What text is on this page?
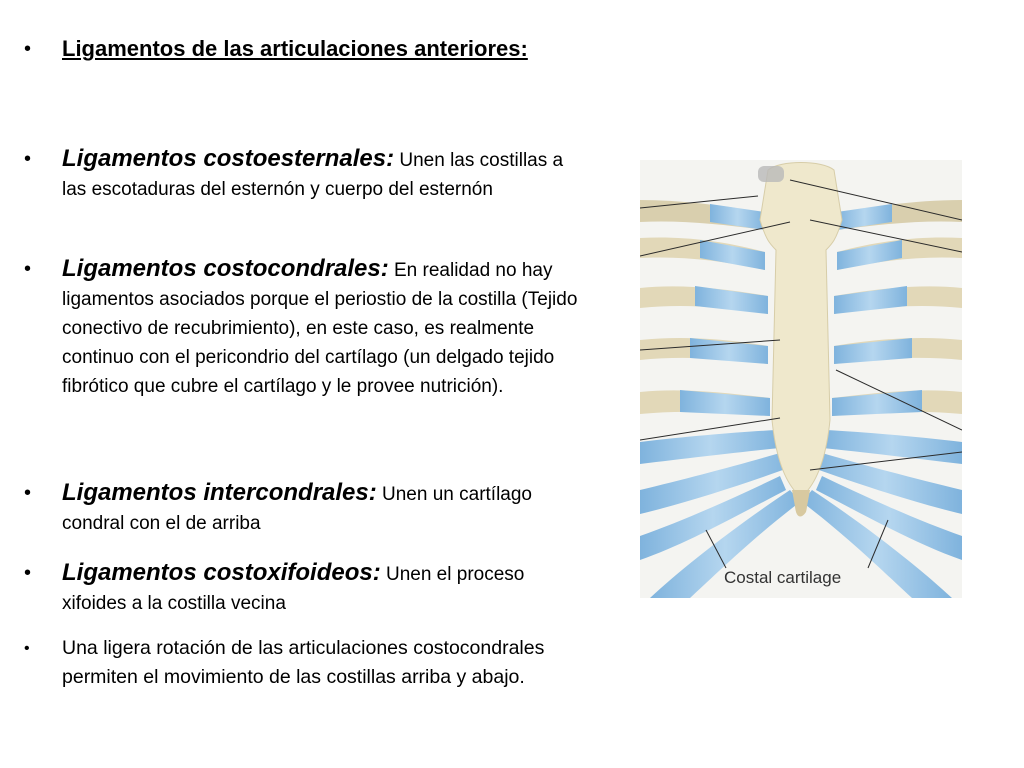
•	Ligamentos de las articulaciones anteriores:
•	Ligamentos costoesternales: Unen las costillas a las escotaduras del esternón y cuerpo del esternón
•	Ligamentos costocondrales: En realidad no hay ligamentos asociados porque el periostio de la costilla (Tejido conectivo de recubrimiento), en este caso, es realmente continuo con el pericondrio del cartílago (un delgado tejido fibrótico que cubre el cartílago y le provee nutrición).
•	Ligamentos intercondrales: Unen un cartílago condral con el de arriba
•	Ligamentos costoxifoideos: Unen el proceso xifoides a la costilla vecina
•	Una ligera rotación de las articulaciones costocondrales permiten el movimiento de las costillas arriba y abajo.
Costal cartilage
